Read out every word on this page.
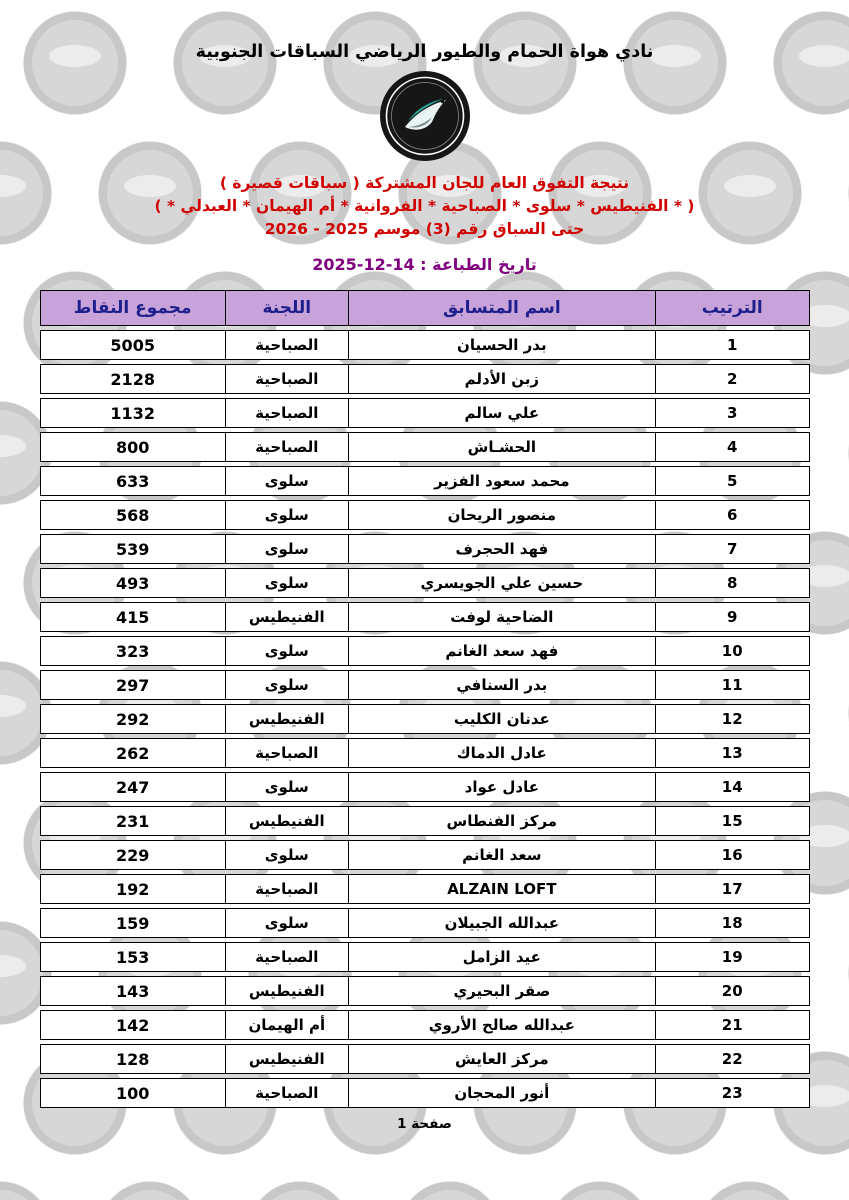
نادي هواة الحمام والطيور الرياضي السباقات الجنوبية
نتيجة التفوق العام للجان المشتركة ( سباقات قصيرة )
( * الفنيطيس * سلوى * الصباحية * الفروانية * أم الهيمان * العبدلي * )
حتى السباق رقم (3) موسم 2025 - 2026
تاريخ الطباعة : 14-12-2025
الترتيب
اسم المتسابق
اللجنة
مجموع النقاط
1
بدر الحسيان
الصباحية
5005
2
زبن الأدلم
الصباحية
2128
3
علي سالم
الصباحية
1132
4
الحشـاش
الصباحية
800
5
محمد سعود الفزير
سلوى
633
6
منصور الريحان
سلوى
568
7
فهد الحجرف
سلوى
539
8
حسين علي الجويسري
سلوى
493
9
الضاحية لوفت
الفنيطيس
415
10
فهد سعد الغانم
سلوى
323
11
بدر السنافي
سلوى
297
12
عدنان الكليب
الفنيطيس
292
13
عادل الدماك
الصباحية
262
14
عادل عواد
سلوى
247
15
مركز الفنطاس
الفنيطيس
231
16
سعد الغانم
سلوى
229
17
ALZAIN LOFT
الصباحية
192
18
عبدالله الجبيلان
سلوى
159
19
عيد الزامل
الصباحية
153
20
صقر البحيري
الفنيطيس
143
21
عبدالله صالح الأروي
أم الهيمان
142
22
مركز العايش
الفنيطيس
128
23
أنور المحجان
الصباحية
100
صفحة 1
